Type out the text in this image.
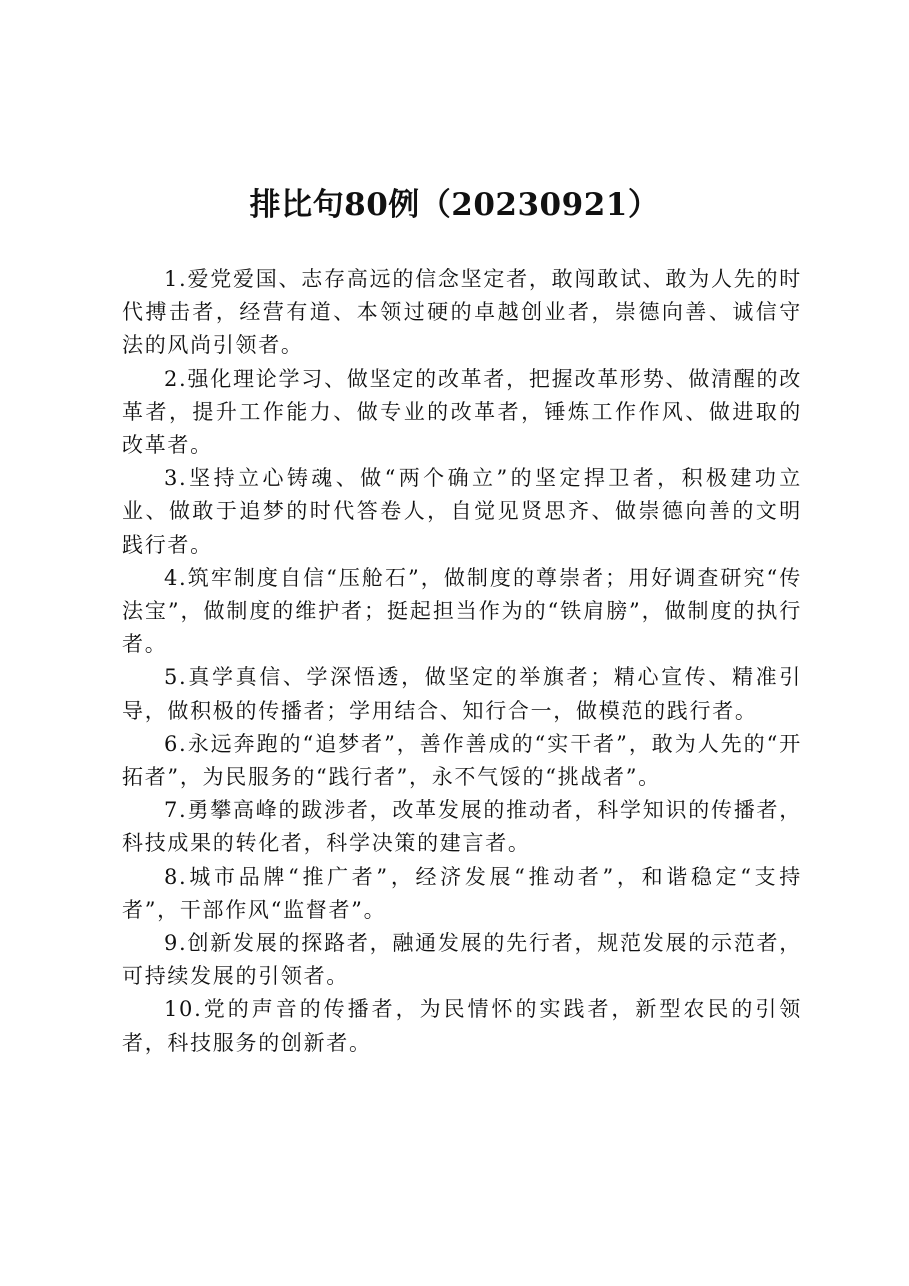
排比句80例（20230921）

1.爱党爱国、志存高远的信念坚定者，敢闯敢试、敢为人先的时代搏击者，经营有道、本领过硬的卓越创业者，崇德向善、诚信守法的风尚引领者。

2.强化理论学习、做坚定的改革者，把握改革形势、做清醒的改革者，提升工作能力、做专业的改革者，锤炼工作作风、做进取的改革者。

3.坚持立心铸魂、做“两个确立”的坚定捍卫者，积极建功立业、做敢于追梦的时代答卷人，自觉见贤思齐、做崇德向善的文明践行者。

4.筑牢制度自信“压舱石”，做制度的尊崇者；用好调查研究“传法宝”，做制度的维护者；挺起担当作为的“铁肩膀”，做制度的执行者。

5.真学真信、学深悟透，做坚定的举旗者；精心宣传、精准引导，做积极的传播者；学用结合、知行合一，做模范的践行者。

6.永远奔跑的“追梦者”，善作善成的“实干者”，敢为人先的“开拓者”，为民服务的“践行者”，永不气馁的“挑战者”。

7.勇攀高峰的跋涉者，改革发展的推动者，科学知识的传播者，科技成果的转化者，科学决策的建言者。

8.城市品牌“推广者”，经济发展“推动者”，和谐稳定“支持者”，干部作风“监督者”。

9.创新发展的探路者，融通发展的先行者，规范发展的示范者，可持续发展的引领者。

10.党的声音的传播者，为民情怀的实践者，新型农民的引领者，科技服务的创新者。
